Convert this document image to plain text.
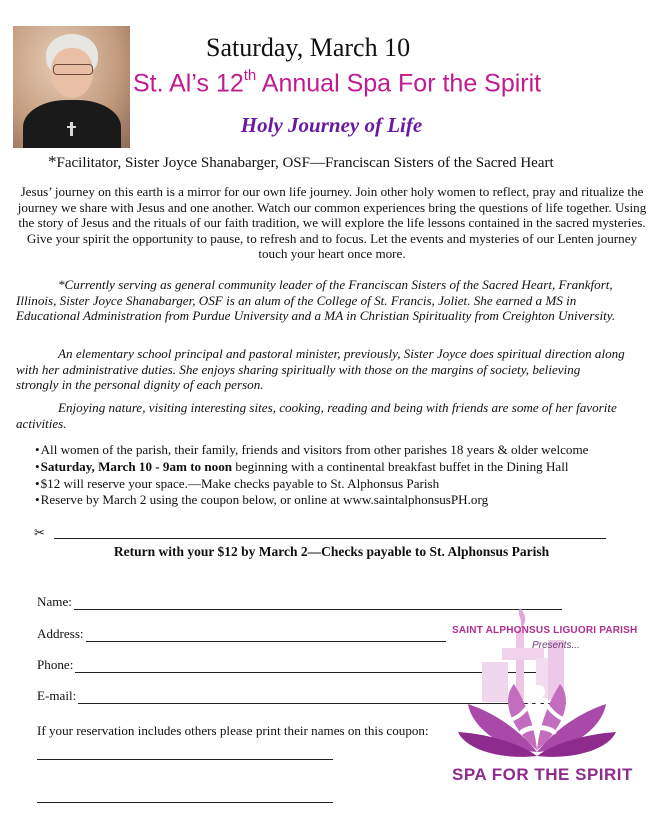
Saturday, March 10
St. Al’s 12th Annual Spa For the Spirit
Holy Journey of Life
*Facilitator, Sister Joyce Shanabarger, OSF—Franciscan Sisters of the Sacred Heart
Jesus’ journey on this earth is a mirror for our own life journey. Join other holy women to reflect, pray and ritualize the journey we share with Jesus and one another. Watch our common experiences bring the questions of life together. Using the story of Jesus and the rituals of our faith tradition, we will explore the life lessons contained in the sacred mysteries. Give your spirit the opportunity to pause, to refresh and to focus. Let the events and mysteries of our Lenten journey touch your heart once more.

*Currently serving as general community leader of the Franciscan Sisters of the Sacred Heart, Frankfort, Illinois, Sister Joyce Shanabarger, OSF is an alum of the College of St. Francis, Joliet. She earned a MS in Educational Administration from Purdue University and a MA in Christian Spirituality from Creighton University.

An elementary school principal and pastoral minister, previously, Sister Joyce does spiritual direction along with her administrative duties. She enjoys sharing spiritually with those on the margins of society, believing strongly in the personal dignity of each person.

Enjoying nature, visiting interesting sites, cooking, reading and being with friends are some of her favorite activities.

• All women of the parish, their family, friends and visitors from other parishes 18 years & older welcome
• Saturday, March 10 - 9am to noon beginning with a continental breakfast buffet in the Dining Hall
• $12 will reserve your space.—Make checks payable to St. Alphonsus Parish
• Reserve by March 2 using the coupon below, or online at www.saintalphonsusPH.org
✂
Return with your $12 by March 2—Checks payable to St. Alphonsus Parish
Name:
Address:
Phone:
E-mail:
If your reservation includes others please print their names on this coupon:
SAINT ALPHONSUS LIGUORI PARISH
Presents...
SPA FOR THE SPIRIT
